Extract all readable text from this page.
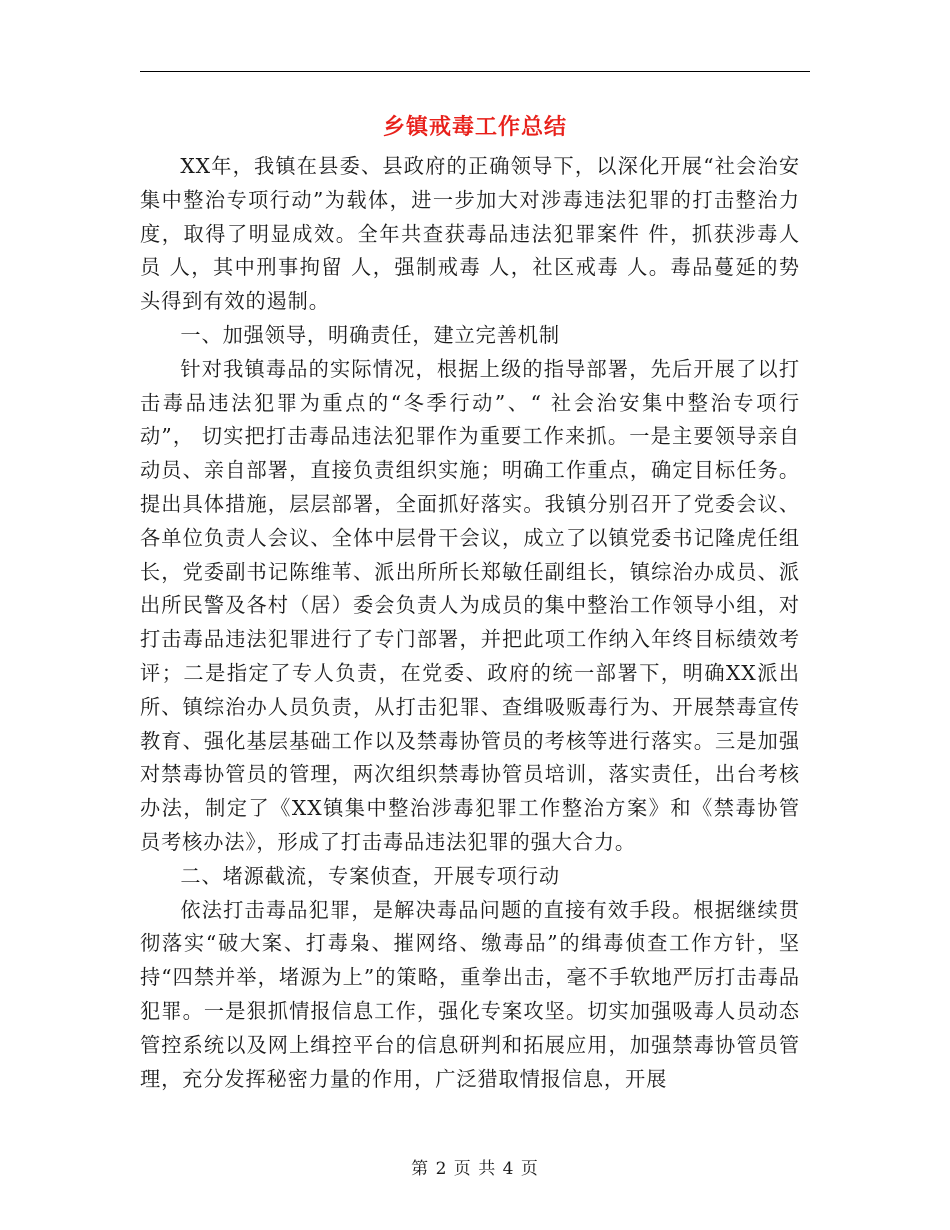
乡镇戒毒工作总结

XX年，我镇在县委、县政府的正确领导下，以深化开展“社会治安集中整治专项行动”为载体，进一步加大对涉毒违法犯罪的打击整治力度，取得了明显成效。全年共查获毒品违法犯罪案件 件，抓获涉毒人员 人，其中刑事拘留 人，强制戒毒 人，社区戒毒 人。毒品蔓延的势头得到有效的遏制。

一、加强领导，明确责任，建立完善机制

针对我镇毒品的实际情况，根据上级的指导部署，先后开展了以打击毒品违法犯罪为重点的“冬季行动”、“ 社会治安集中整治专项行动”， 切实把打击毒品违法犯罪作为重要工作来抓。一是主要领导亲自动员、亲自部署，直接负责组织实施；明确工作重点，确定目标任务。提出具体措施，层层部署，全面抓好落实。我镇分别召开了党委会议、各单位负责人会议、全体中层骨干会议，成立了以镇党委书记隆虎任组长，党委副书记陈维苇、派出所所长郑敏任副组长，镇综治办成员、派出所民警及各村（居）委会负责人为成员的集中整治工作领导小组，对打击毒品违法犯罪进行了专门部署，并把此项工作纳入年终目标绩效考评；二是指定了专人负责，在党委、政府的统一部署下，明确XX派出所、镇综治办人员负责，从打击犯罪、查缉吸贩毒行为、开展禁毒宣传教育、强化基层基础工作以及禁毒协管员的考核等进行落实。三是加强对禁毒协管员的管理，两次组织禁毒协管员培训，落实责任，出台考核办法，制定了《XX镇集中整治涉毒犯罪工作整治方案》和《禁毒协管员考核办法》，形成了打击毒品违法犯罪的强大合力。

二、堵源截流，专案侦查，开展专项行动

依法打击毒品犯罪，是解决毒品问题的直接有效手段。根据继续贯彻落实“破大案、打毒枭、摧网络、缴毒品”的缉毒侦查工作方针，坚持“四禁并举，堵源为上”的策略，重拳出击，毫不手软地严厉打击毒品犯罪。一是狠抓情报信息工作，强化专案攻坚。切实加强吸毒人员动态管控系统以及网上缉控平台的信息研判和拓展应用，加强禁毒协管员管理，充分发挥秘密力量的作用，广泛猎取情报信息，开展

第 2 页 共 4 页
